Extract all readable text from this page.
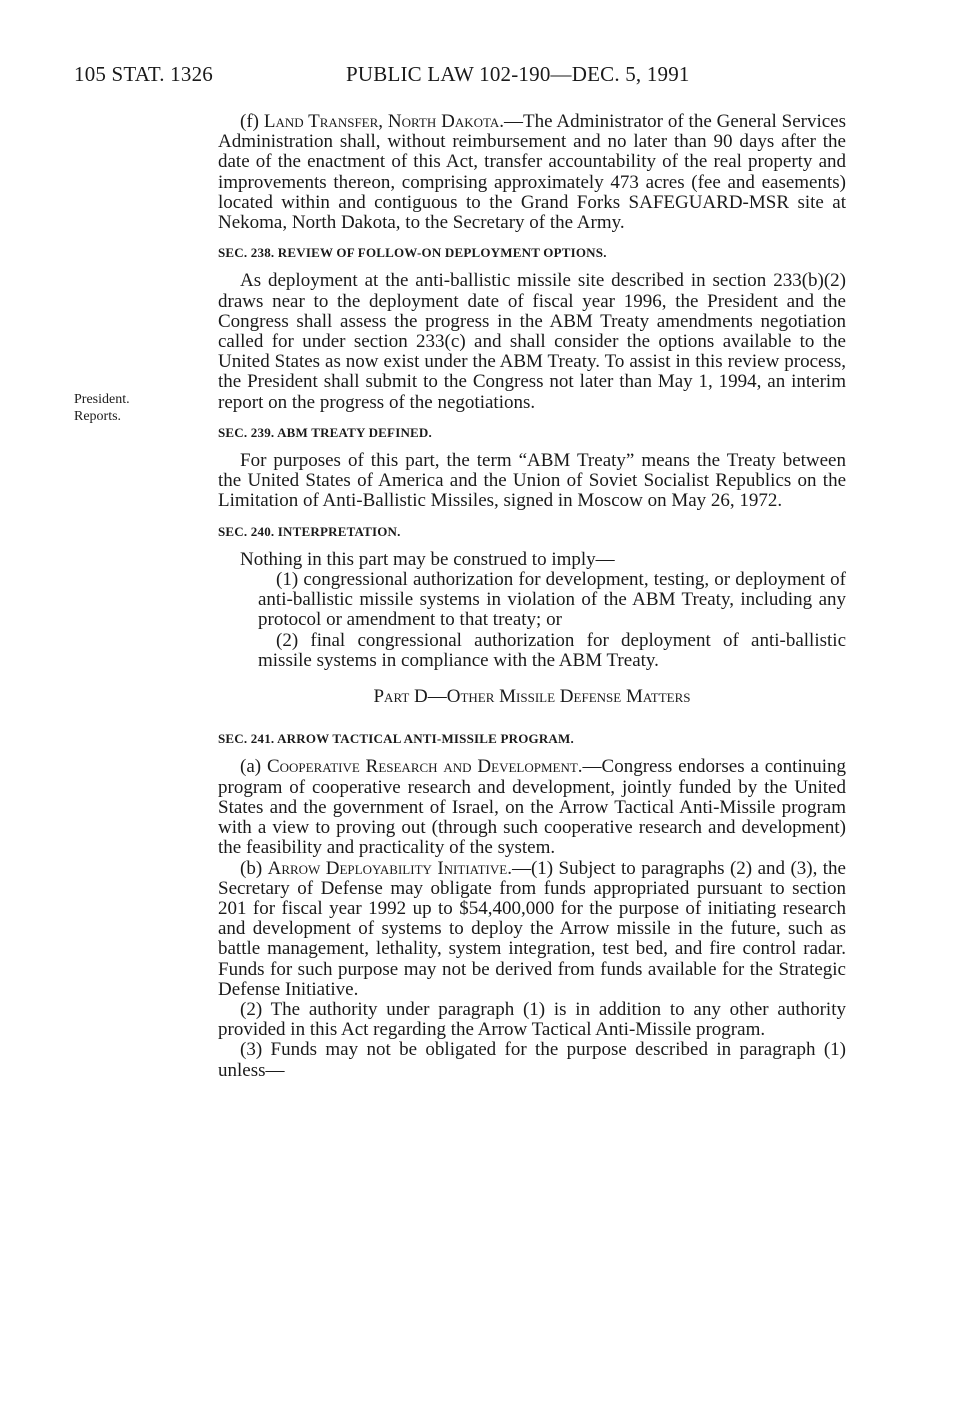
105 STAT. 1326	PUBLIC LAW 102-190—DEC. 5, 1991
President.
Reports.

(f) Land Transfer, North Dakota.—The Administrator of the General Services Administration shall, without reimbursement and no later than 90 days after the date of the enactment of this Act, transfer accountability of the real property and improvements thereon, comprising approximately 473 acres (fee and easements) located within and contiguous to the Grand Forks SAFEGUARD-MSR site at Nekoma, North Dakota, to the Secretary of the Army.

SEC. 238. REVIEW OF FOLLOW-ON DEPLOYMENT OPTIONS.

As deployment at the anti-ballistic missile site described in section 233(b)(2) draws near to the deployment date of fiscal year 1996, the President and the Congress shall assess the progress in the ABM Treaty amendments negotiation called for under section 233(c) and shall consider the options available to the United States as now exist under the ABM Treaty. To assist in this review process, the President shall submit to the Congress not later than May 1, 1994, an interim report on the progress of the negotiations.

SEC. 239. ABM TREATY DEFINED.

For purposes of this part, the term “ABM Treaty” means the Treaty between the United States of America and the Union of Soviet Socialist Republics on the Limitation of Anti-Ballistic Missiles, signed in Moscow on May 26, 1972.

SEC. 240. INTERPRETATION.

Nothing in this part may be construed to imply—

(1) congressional authorization for development, testing, or deployment of anti-ballistic missile systems in violation of the ABM Treaty, including any protocol or amendment to that treaty; or

(2) final congressional authorization for deployment of anti-ballistic missile systems in compliance with the ABM Treaty.

Part D—Other Missile Defense Matters

SEC. 241. ARROW TACTICAL ANTI-MISSILE PROGRAM.

(a) Cooperative Research and Development.—Congress endorses a continuing program of cooperative research and development, jointly funded by the United States and the government of Israel, on the Arrow Tactical Anti-Missile program with a view to proving out (through such cooperative research and development) the feasibility and practicality of the system.

(b) Arrow Deployability Initiative.—(1) Subject to paragraphs (2) and (3), the Secretary of Defense may obligate from funds appropriated pursuant to section 201 for fiscal year 1992 up to $54,400,000 for the purpose of initiating research and development of systems to deploy the Arrow missile in the future, such as battle management, lethality, system integration, test bed, and fire control radar. Funds for such purpose may not be derived from funds available for the Strategic Defense Initiative.

(2) The authority under paragraph (1) is in addition to any other authority provided in this Act regarding the Arrow Tactical Anti-Missile program.

(3) Funds may not be obligated for the purpose described in paragraph (1) unless—
